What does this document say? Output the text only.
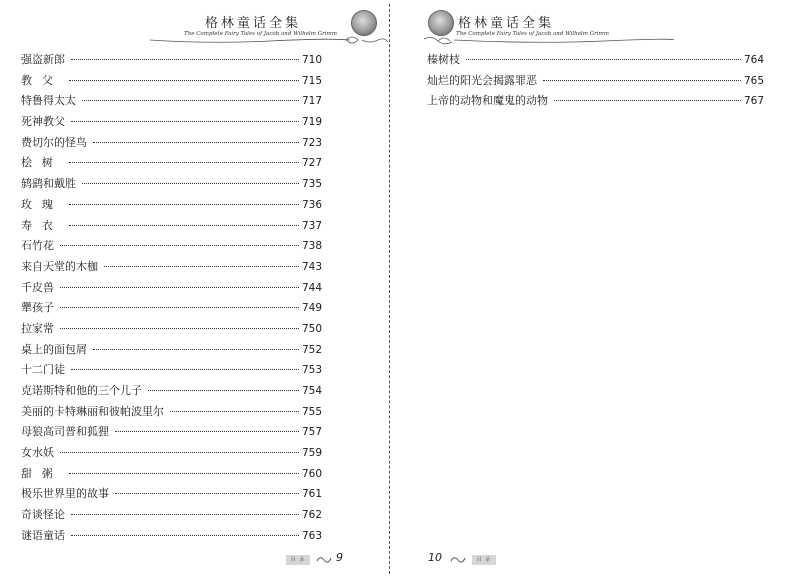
格林童话全集
The Complete Fairy Tales of Jacob and Wilhelm Grimm
强盗新郎	710
教父	715
特鲁得太太	717
死神教父	719
费切尔的怪鸟	723
桧树	727
鸫鹞和戴胜	735
玫瑰	736
寿衣	737
石竹花	738
来自天堂的木枷	743
千皮兽	744
犟孩子	749
拉家常	750
桌上的面包屑	752
十二门徒	753
克诺斯特和他的三个儿子	754
美丽的卡特琳丽和彼帕波里尔	755
母狼高司普和狐狸	757
女水妖	759
甜粥	760
极乐世界里的故事	761
奇谈怪论	762
谜语童话	763
目 录	9
格林童话全集
The Complete Fairy Tales of Jacob and Wilhelm Grimm
榛树枝	764
灿烂的阳光会揭露罪恶	765
上帝的动物和魔鬼的动物	767
10	目 录
